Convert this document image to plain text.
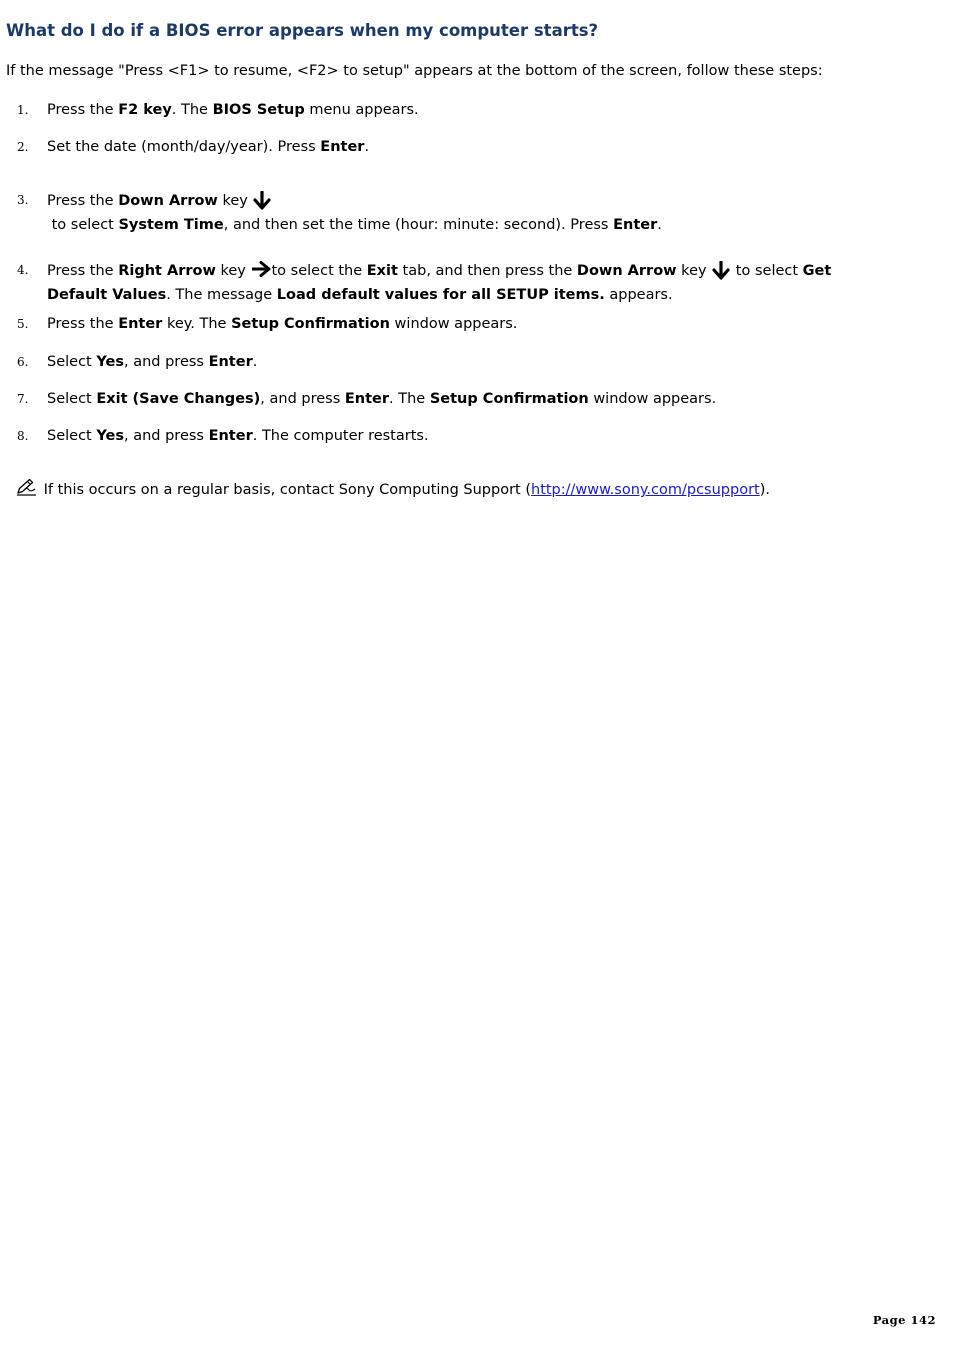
What do I do if a BIOS error appears when my computer starts?
If the message "Press <F1> to resume, <F2> to setup" appears at the bottom of the screen, follow these steps:
1. Press the F2 key. The BIOS Setup menu appears.
2. Set the date (month/day/year). Press Enter.
3. Press the Down Arrow key  to select System Time, and then set the time (hour: minute: second). Press Enter.
4. Press the Right Arrow key to select the Exit tab, and then press the Down Arrow key  to select Get Default Values. The message Load default values for all SETUP items. appears.
5. Press the Enter key. The Setup Confirmation window appears.
6. Select Yes, and press Enter.
7. Select Exit (Save Changes), and press Enter. The Setup Confirmation window appears.
8. Select Yes, and press Enter. The computer restarts.
If this occurs on a regular basis, contact Sony Computing Support (http://www.sony.com/pcsupport).
Page 142
